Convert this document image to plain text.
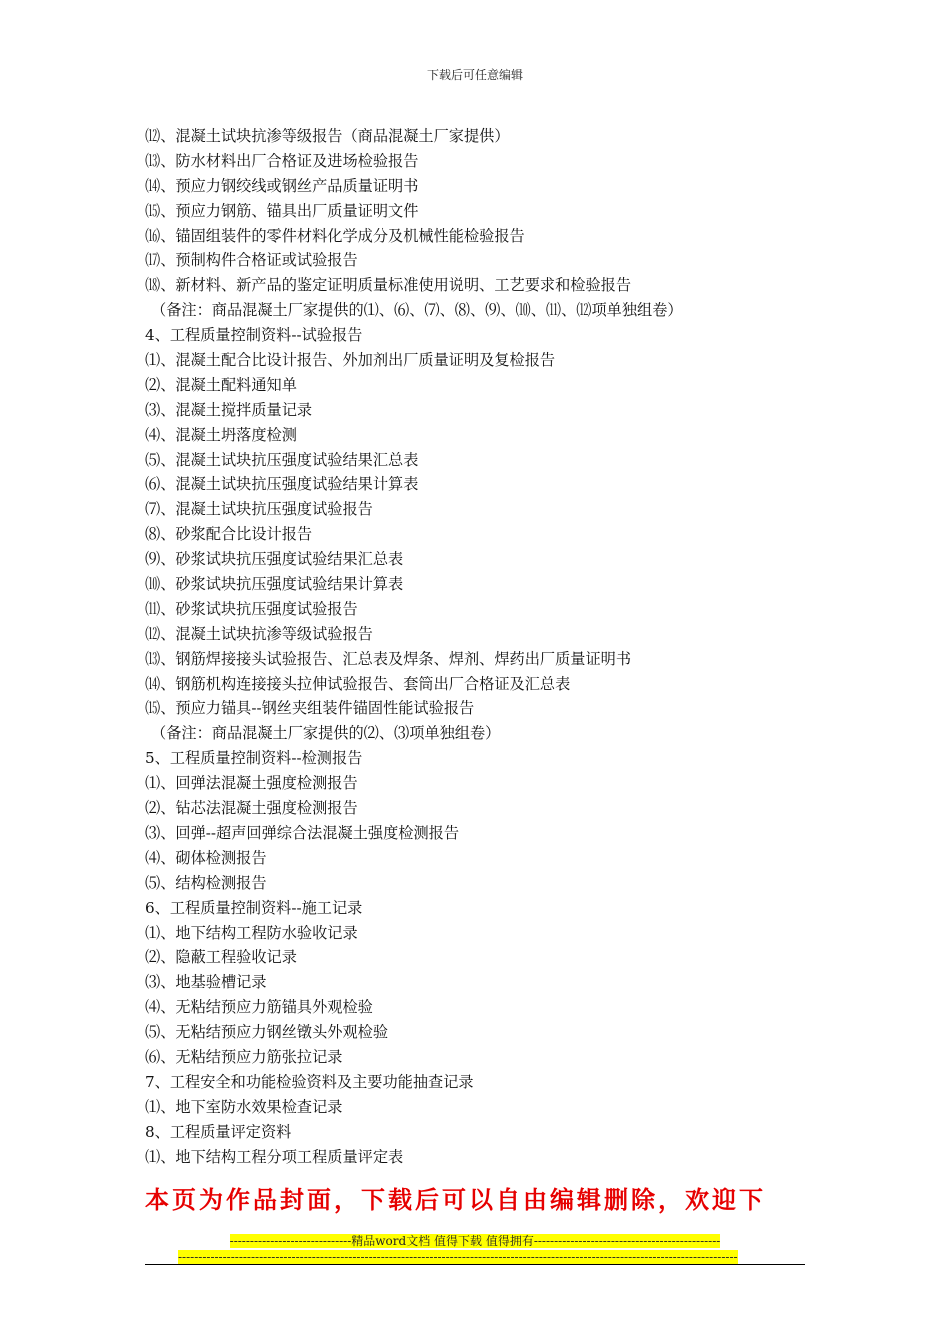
下载后可任意编辑
⑿、混凝土试块抗渗等级报告（商品混凝土厂家提供）
⒀、防水材料出厂合格证及进场检验报告
⒁、预应力钢绞线或钢丝产品质量证明书
⒂、预应力钢筋、锚具出厂质量证明文件
⒃、锚固组装件的零件材料化学成分及机械性能检验报告
⒄、预制构件合格证或试验报告
⒅、新材料、新产品的鉴定证明质量标准使用说明、工艺要求和检验报告
（备注：商品混凝土厂家提供的⑴、⑹、⑺、⑻、⑼、⑽、⑾、⑿项单独组卷）
4、工程质量控制资料--试验报告
⑴、混凝土配合比设计报告、外加剂出厂质量证明及复检报告
⑵、混凝土配料通知单
⑶、混凝土搅拌质量记录
⑷、混凝土坍落度检测
⑸、混凝土试块抗压强度试验结果汇总表
⑹、混凝土试块抗压强度试验结果计算表
⑺、混凝土试块抗压强度试验报告
⑻、砂浆配合比设计报告
⑼、砂浆试块抗压强度试验结果汇总表
⑽、砂浆试块抗压强度试验结果计算表
⑾、砂浆试块抗压强度试验报告
⑿、混凝土试块抗渗等级试验报告
⒀、钢筋焊接接头试验报告、汇总表及焊条、焊剂、焊药出厂质量证明书
⒁、钢筋机构连接接头拉伸试验报告、套筒出厂合格证及汇总表
⒂、预应力锚具--钢丝夹组装件锚固性能试验报告
（备注：商品混凝土厂家提供的⑵、⑶项单独组卷）
5、工程质量控制资料--检测报告
⑴、回弹法混凝土强度检测报告
⑵、钻芯法混凝土强度检测报告
⑶、回弹--超声回弹综合法混凝土强度检测报告
⑷、砌体检测报告
⑸、结构检测报告
6、工程质量控制资料--施工记录
⑴、地下结构工程防水验收记录
⑵、隐蔽工程验收记录
⑶、地基验槽记录
⑷、无粘结预应力筋锚具外观检验
⑸、无粘结预应力钢丝镦头外观检验
⑹、无粘结预应力筋张拉记录
7、工程安全和功能检验资料及主要功能抽查记录
⑴、地下室防水效果检查记录
8、工程质量评定资料
⑴、地下结构工程分项工程质量评定表
本页为作品封面，下载后可以自由编辑删除，欢迎下
------------------------------精品word文档 值得下载 值得拥有----------------------------------------------
------------------------------------------------------------------------------------------------------------------------------------------
